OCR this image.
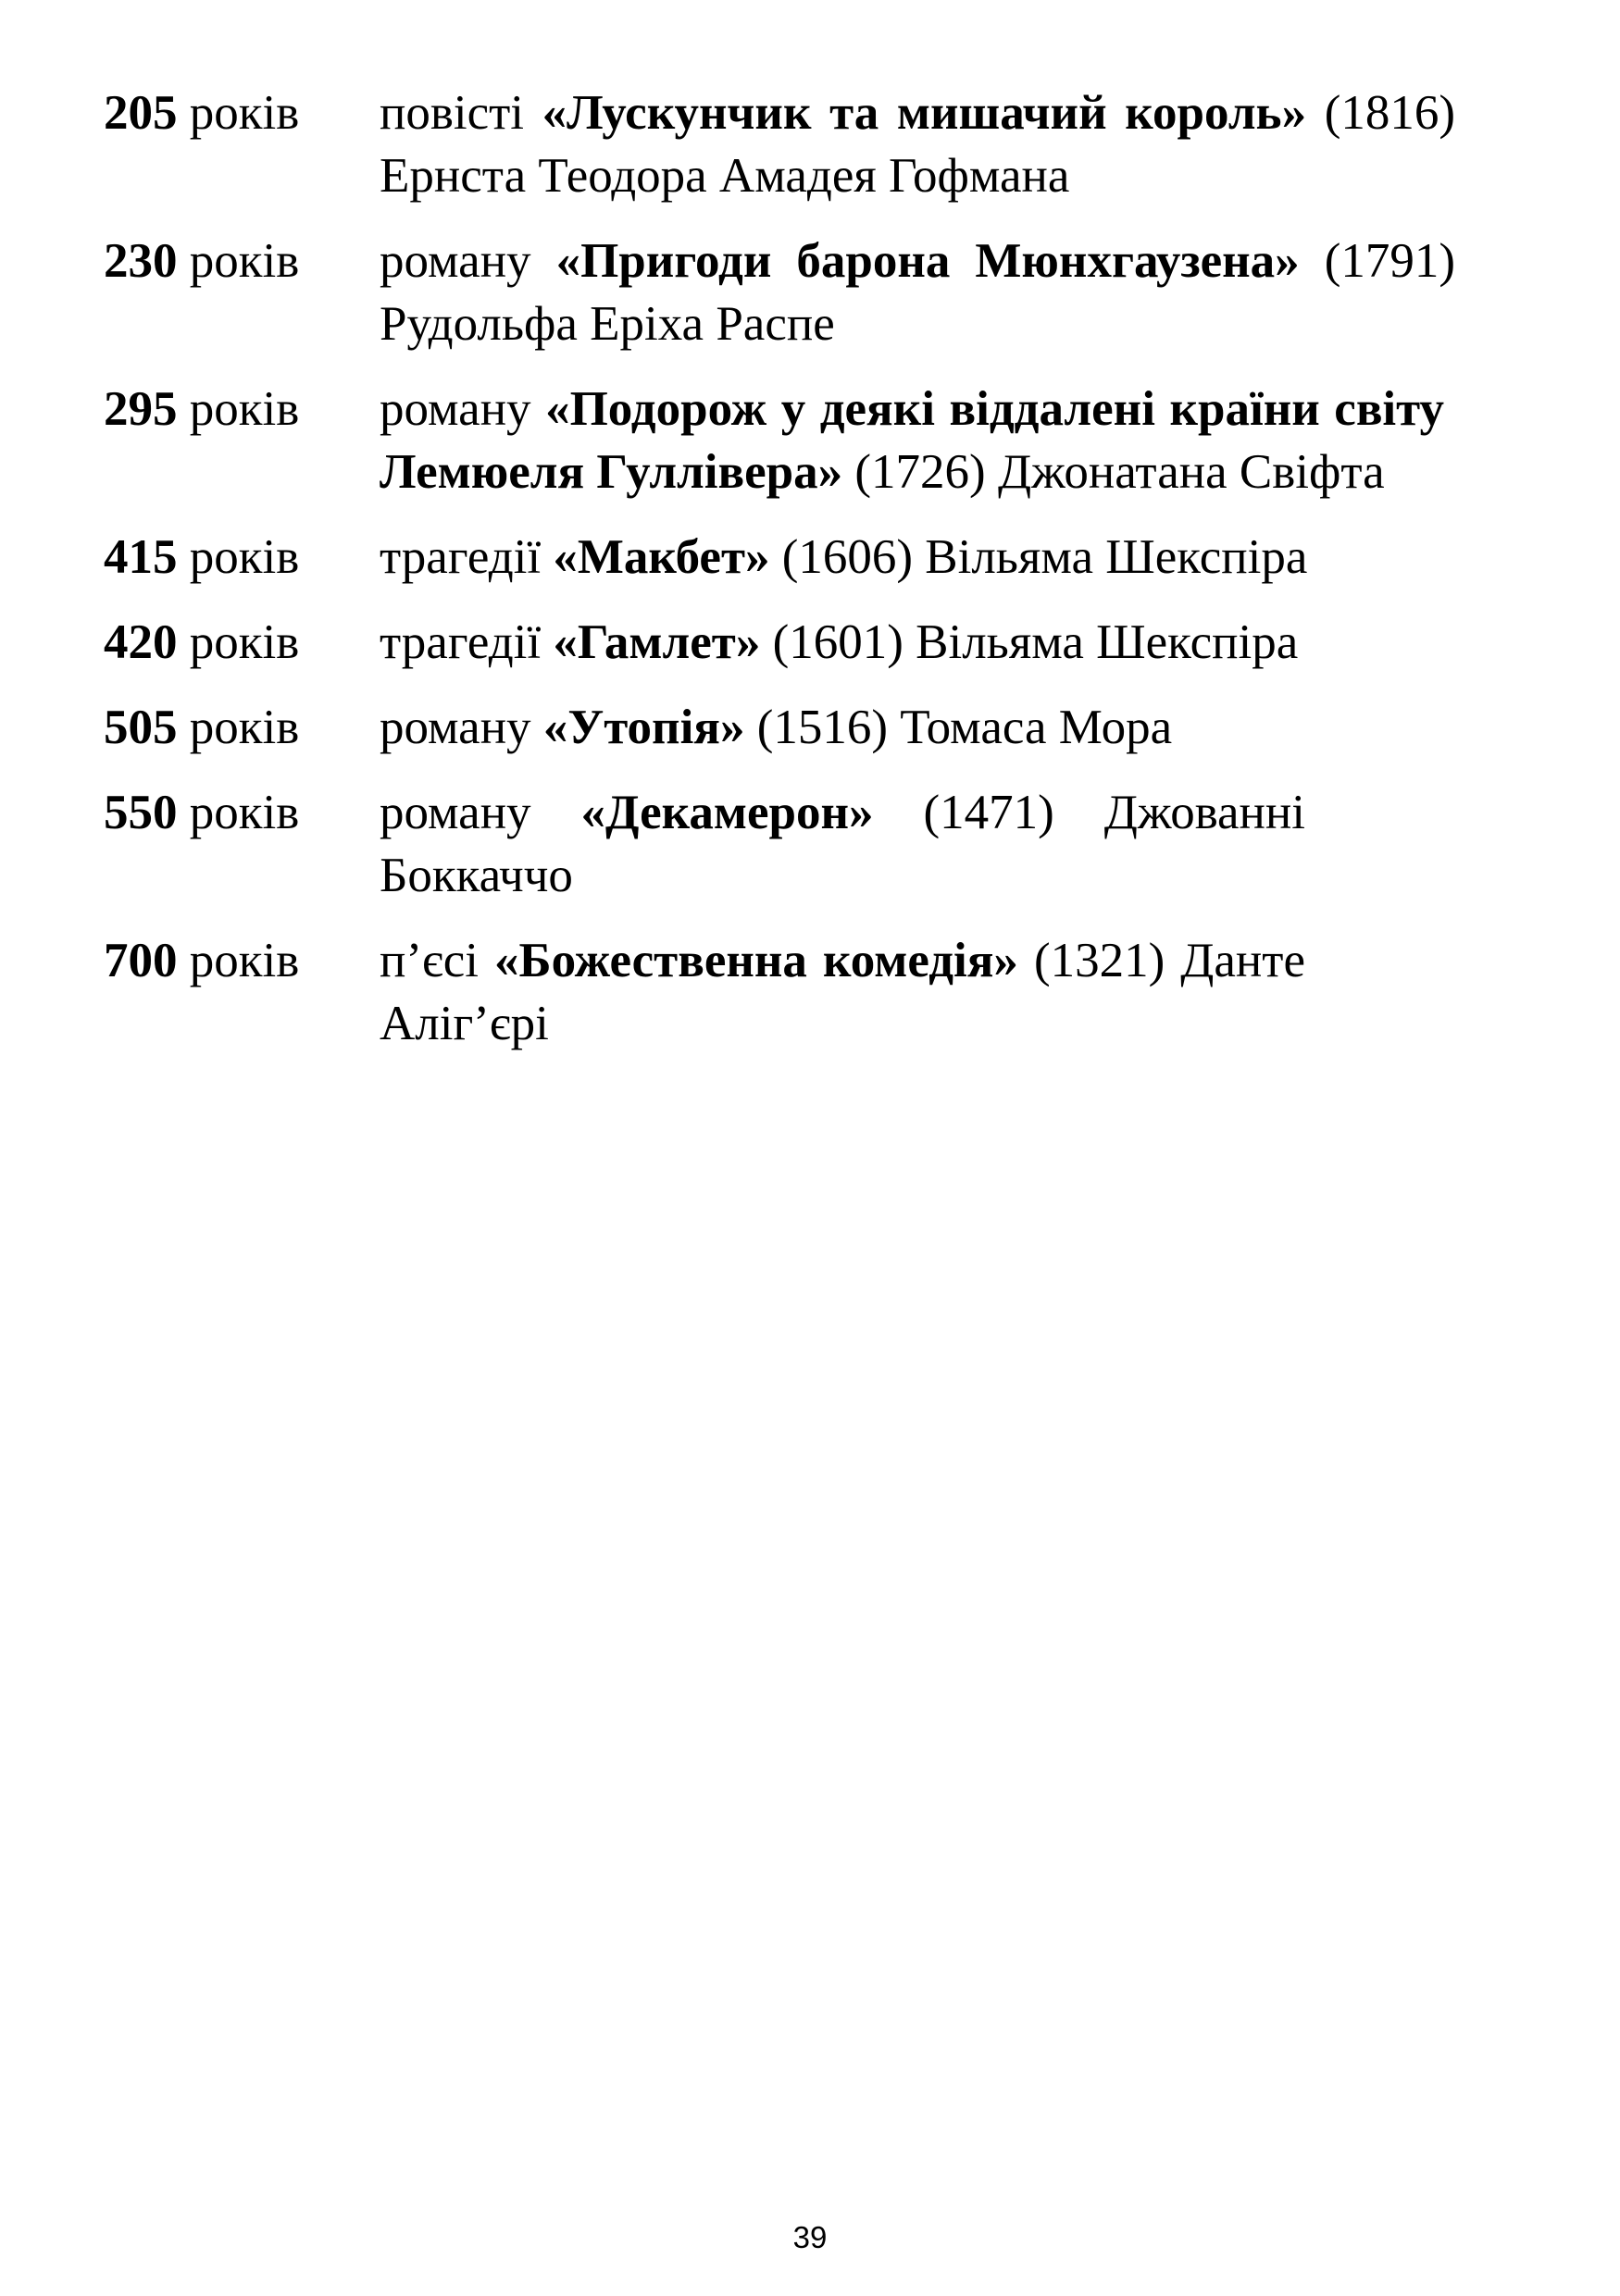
205 років	повісті «Лускунчик та мишачий король» (1816) Ернста Теодора Амадея Гофмана
230 років	роману «Пригоди барона Мюнхгаузена» (1791) Рудольфа Еріха Распе
295 років	роману «Подорож у деякі віддалені країни світу Лемюеля Гуллівера» (1726) Джонатана Свіфта
415 років	трагедії «Макбет» (1606) Вільяма Шекспіра
420 років	трагедії «Гамлет» (1601) Вільяма Шекспіра
505 років	роману «Утопія» (1516) Томаса Мора
550 років	роману «Декамерон» (1471) Джованні Боккаччо
700 років	п’єсі «Божественна комедія» (1321) Данте Аліг’єрі
39
